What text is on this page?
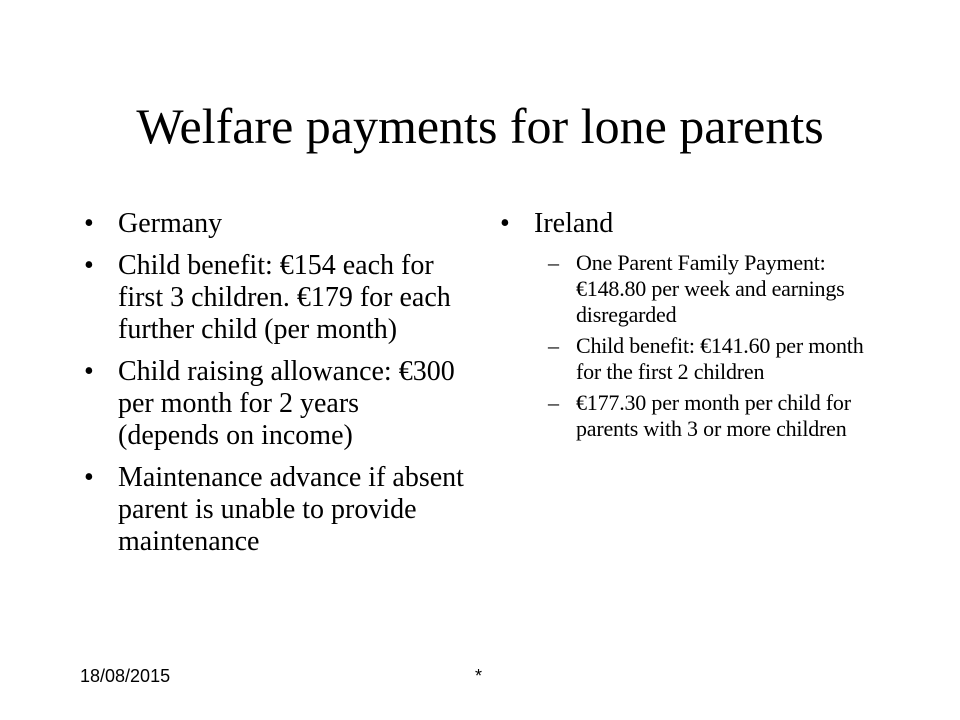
Welfare payments for lone parents
• Germany
• Child benefit: €154 each for first 3 children. €179 for each further child (per month)
• Child raising allowance: €300 per month for 2 years (depends on income)
• Maintenance advance if absent parent is unable to provide maintenance
• Ireland
– One Parent Family Payment: €148.80 per week and earnings disregarded
– Child benefit: €141.60 per month for the first 2 children
– €177.30 per month per child for parents with 3 or more children
18/08/2015	*
